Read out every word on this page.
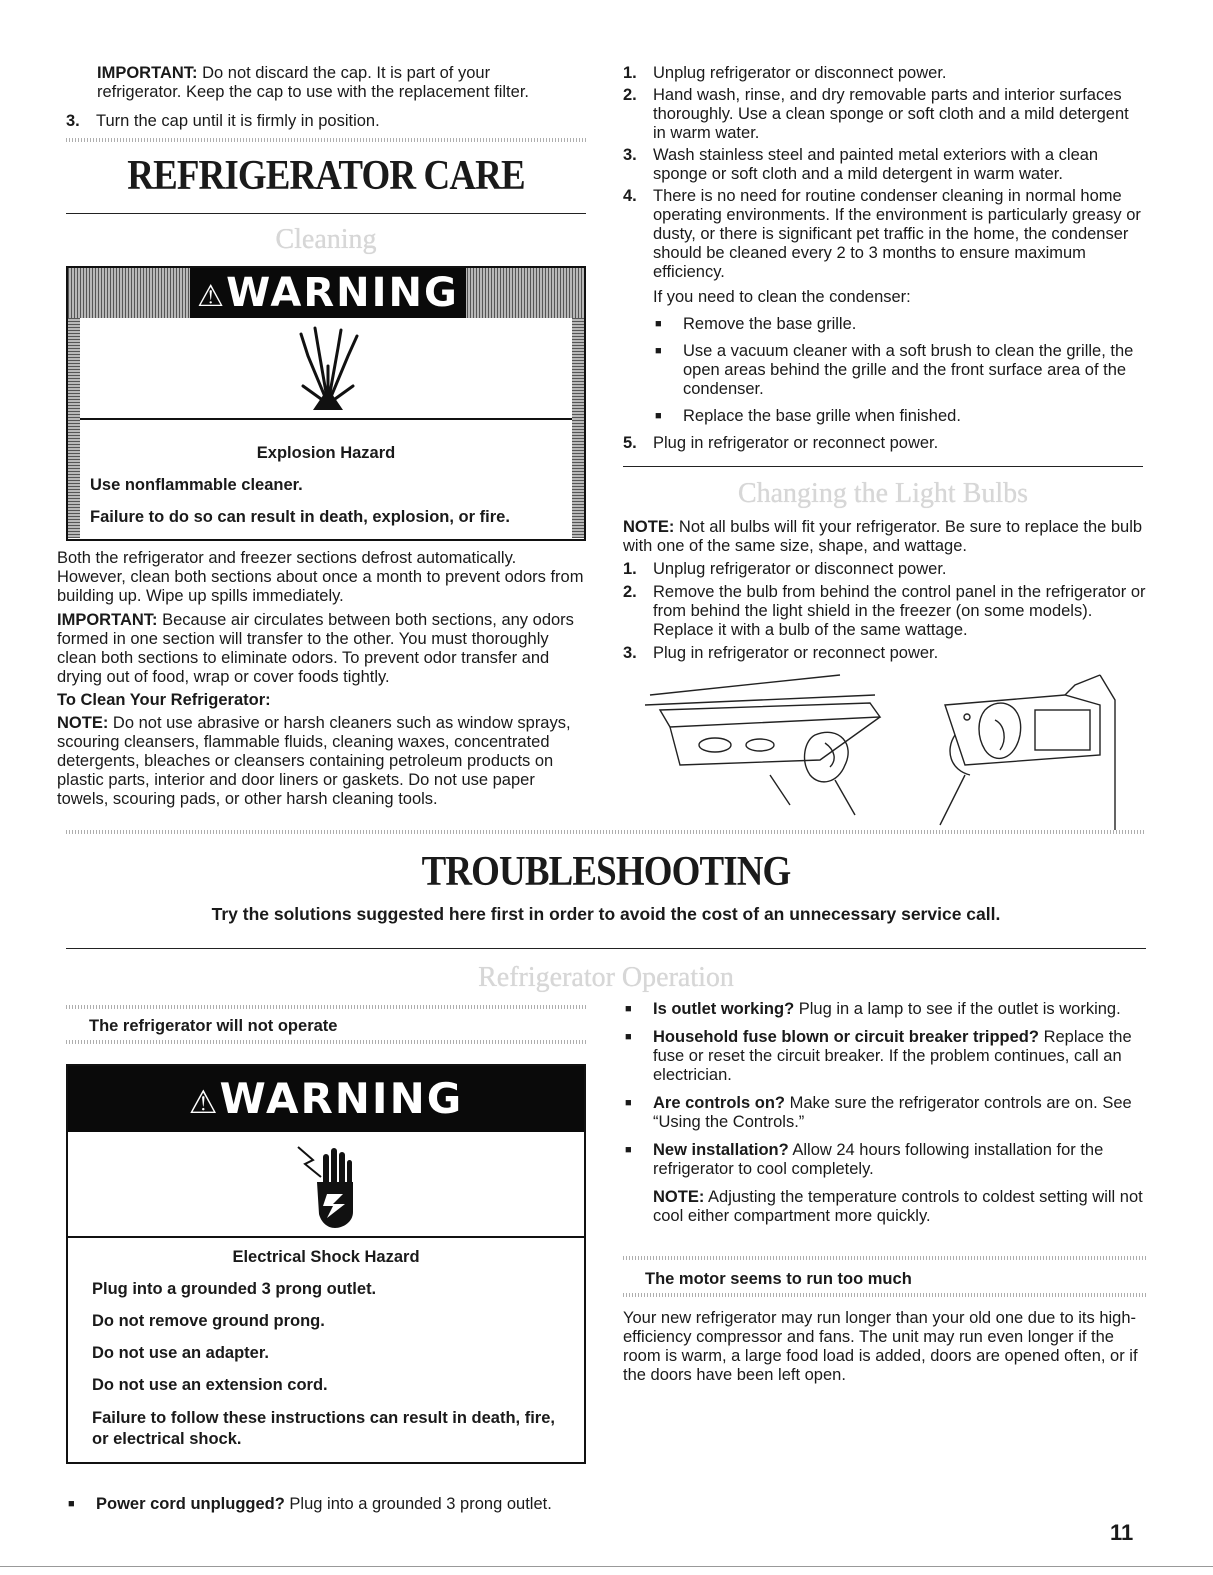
IMPORTANT: Do not discard the cap. It is part of your refrigerator. Keep the cap to use with the replacement filter.
3. Turn the cap until it is firmly in position.
REFRIGERATOR CARE
Cleaning
⚠WARNING
Explosion Hazard
Use nonflammable cleaner.
Failure to do so can result in death, explosion, or fire.
Both the refrigerator and freezer sections defrost automatically. However, clean both sections about once a month to prevent odors from building up. Wipe up spills immediately.
IMPORTANT: Because air circulates between both sections, any odors formed in one section will transfer to the other. You must thoroughly clean both sections to eliminate odors. To prevent odor transfer and drying out of food, wrap or cover foods tightly.
To Clean Your Refrigerator:
NOTE: Do not use abrasive or harsh cleaners such as window sprays, scouring cleansers, flammable fluids, cleaning waxes, concentrated detergents, bleaches or cleansers containing petroleum products on plastic parts, interior and door liners or gaskets. Do not use paper towels, scouring pads, or other harsh cleaning tools.
1. Unplug refrigerator or disconnect power.
2. Hand wash, rinse, and dry removable parts and interior surfaces thoroughly. Use a clean sponge or soft cloth and a mild detergent in warm water.
3. Wash stainless steel and painted metal exteriors with a clean sponge or soft cloth and a mild detergent in warm water.
4. There is no need for routine condenser cleaning in normal home operating environments. If the environment is particularly greasy or dusty, or there is significant pet traffic in the home, the condenser should be cleaned every 2 to 3 months to ensure maximum efficiency.
If you need to clean the condenser:
■ Remove the base grille.
■ Use a vacuum cleaner with a soft brush to clean the grille, the open areas behind the grille and the front surface area of the condenser.
■ Replace the base grille when finished.
5. Plug in refrigerator or reconnect power.
Changing the Light Bulbs
NOTE: Not all bulbs will fit your refrigerator. Be sure to replace the bulb with one of the same size, shape, and wattage.
1. Unplug refrigerator or disconnect power.
2. Remove the bulb from behind the control panel in the refrigerator or from behind the light shield in the freezer (on some models). Replace it with a bulb of the same wattage.
3. Plug in refrigerator or reconnect power.
TROUBLESHOOTING
Try the solutions suggested here first in order to avoid the cost of an unnecessary service call.
Refrigerator Operation
The refrigerator will not operate
⚠WARNING
Electrical Shock Hazard
Plug into a grounded 3 prong outlet.
Do not remove ground prong.
Do not use an adapter.
Do not use an extension cord.
Failure to follow these instructions can result in death, fire, or electrical shock.
■ Power cord unplugged? Plug into a grounded 3 prong outlet.
■ Is outlet working? Plug in a lamp to see if the outlet is working.
■ Household fuse blown or circuit breaker tripped? Replace the fuse or reset the circuit breaker. If the problem continues, call an electrician.
■ Are controls on? Make sure the refrigerator controls are on. See “Using the Controls.”
■ New installation? Allow 24 hours following installation for the refrigerator to cool completely.
NOTE: Adjusting the temperature controls to coldest setting will not cool either compartment more quickly.
The motor seems to run too much
Your new refrigerator may run longer than your old one due to its high-efficiency compressor and fans. The unit may run even longer if the room is warm, a large food load is added, doors are opened often, or if the doors have been left open.
11
